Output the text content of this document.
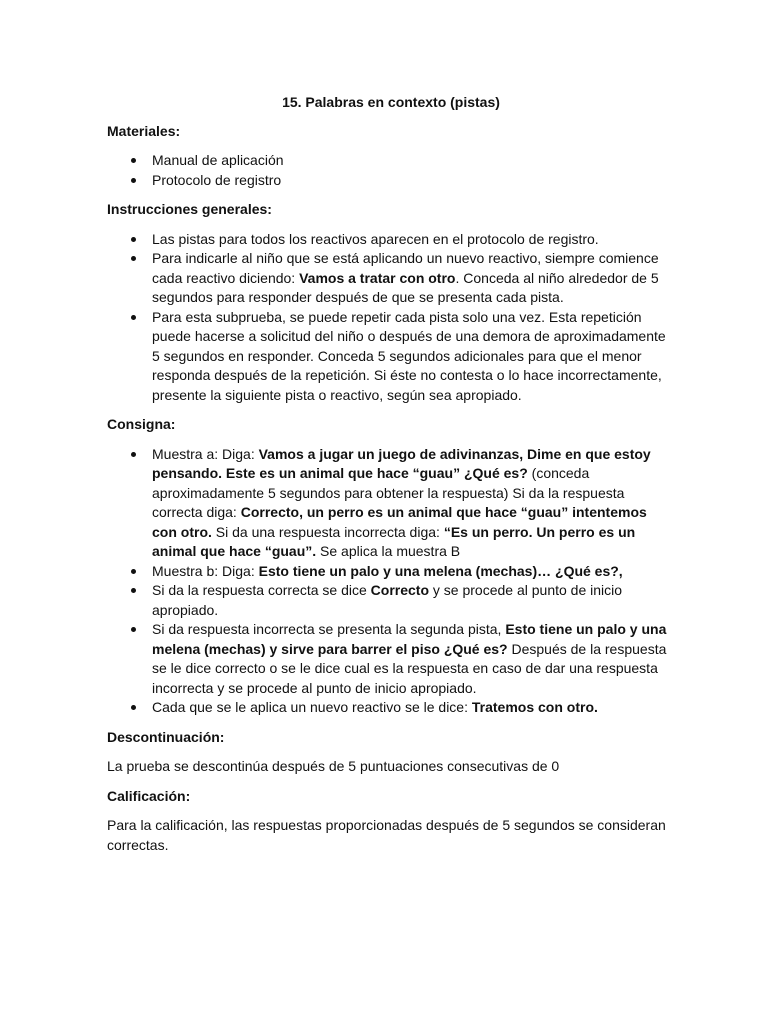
15. Palabras en contexto (pistas)
Materiales:
Manual de aplicación
Protocolo de registro
Instrucciones generales:
Las pistas para todos los reactivos aparecen en el protocolo de registro.
Para indicarle al niño que se está aplicando un nuevo reactivo, siempre comience cada reactivo diciendo: Vamos a tratar con otro. Conceda al niño alrededor de 5 segundos para responder después de que se presenta cada pista.
Para esta subprueba, se puede repetir cada pista solo una vez. Esta repetición puede hacerse a solicitud del niño o después de una demora de aproximadamente 5 segundos en responder. Conceda 5 segundos adicionales para que el menor responda después de la repetición. Si éste no contesta o lo hace incorrectamente, presente la siguiente pista o reactivo, según sea apropiado.
Consigna:
Muestra a: Diga: Vamos a jugar un juego de adivinanzas, Dime en que estoy pensando. Este es un animal que hace “guau” ¿Qué es? (conceda aproximadamente 5 segundos para obtener la respuesta) Si da la respuesta correcta diga: Correcto, un perro es un animal que hace “guau” intentemos con otro. Si da una respuesta incorrecta diga: “Es un perro. Un perro es un animal que hace “guau”. Se aplica la muestra B
Muestra b: Diga: Esto tiene un palo y una melena (mechas)… ¿Qué es?,
Si da la respuesta correcta se dice Correcto y se procede al punto de inicio apropiado.
Si da respuesta incorrecta se presenta la segunda pista, Esto tiene un palo y una melena (mechas) y sirve para barrer el piso ¿Qué es? Después de la respuesta se le dice correcto o se le dice cual es la respuesta en caso de dar una respuesta incorrecta y se procede al punto de inicio apropiado.
Cada que se le aplica un nuevo reactivo se le dice: Tratemos con otro.
Descontinuación:

La prueba se descontinúa después de 5 puntuaciones consecutivas de 0

Calificación:

Para la calificación, las respuestas proporcionadas después de 5 segundos se consideran correctas.
